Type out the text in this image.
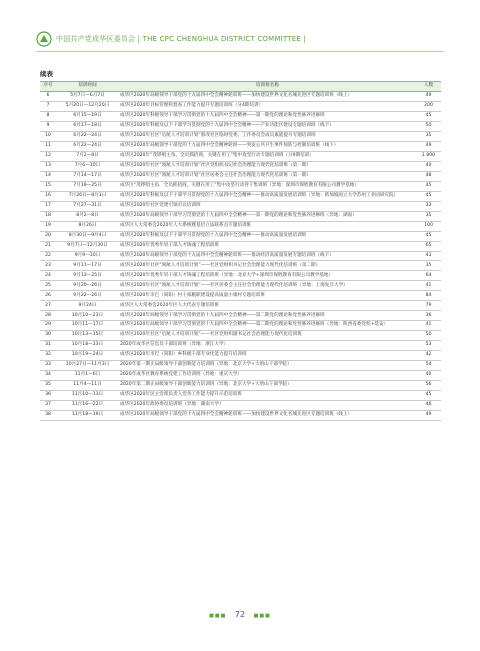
中国共产党成华区委员会 | THE CPC CHENGHUA DISTRICT COMMITTEE |
续表
序号	培训时间	培训班名称	人数
6	5月7日—6月7日	成华区2020年局级领导干部党的十九届四中全会精神轮训班——加快建设世界文化名城先进区专题培训班（线上）	49
7	5月20日—12月20日	成华区2020年目标管理和督查工作能力提升专题培训班（分4期培训）	200
8	6月15—19日	成华区2020年科级领导干部学习贯彻党的十九届四中全会精神——第一期党的理论和党性修养进修班	45
9	6月17—18日	成华区2020年科级及以下干部学习贯彻党的十九届四中全会精神——产业功能区建设专题培训班（线下）	50
10	6月22—24日	成华区2020年社区“启航人才培训计划”蓉改社区临时党委、工作委员会成员素能提升专题培训班	35
11	6月22—24日	成华区2020年局级领导干部党的十九届四中全会精神轮训——突发公共卫生事件预防与控制培训班（线下）	49
12	7月2—8日	成华区2020年“茂铧唱主角、全员抓招商，关键在用工”集中攻坚行动专题培训班（分9期培训）	1 800
13	7月6—10日	成华区2020年社区“领航人才培训计划”社区党组织书记社会治理能力现代化培训班（第一期）	40
14	7月14—17日	成华区2020年社区“领航人才培训计划”社区居委会主任社会治理能力现代化培训班（第一期）	48
15	7月19—25日	成华区“茂铧唱主角，全员抓招商，关键在用工”集中攻坚行动骨干集训班（异地：深圳市保胜教育有限公司教学基地）	45
16	7月26日—8月1日	成华区2020年科级及以下干部学习贯彻党的十九届四中全会精神——推动高质量发展培训班（异地：新加坡国立大学苏州工业园研究院）	45
17	7月27—31日	成华区2020年社区党建引领市议培训班	33
18	8月2—8日	成华区2020年局级领导干部学习贯彻党的十九届四中全会精神——第一期党的理论和党性修养进修班（异地：湖南）	35
19	8月26日	成华区人大常委会2020年人大系统暨基层立法联系点专题培训班	100
20	8月30日—9月4日	成华区2020年科级及以下干部学习贯彻党的十九届四中全会精神——推动高质量发展培训班	45
21	9月7日—12月30日	成华区2020年优秀年轻干部人才铸魂工程培训班	65
22	9月9—10日	成华区2020年局级领导干部党的十九届四中全会精神轮训班——推动经济高质量发展专题培训班（线下）	43
23	9月11—17日	成华区2020年社区“领航人才培训计划”——社区党组织书记社会治理能力现代化培训班（第二期）	35
24	9月13—25日	成华区2020年优秀年轻干部人才铸魂工程培训班（异地：北京大学+深圳市保胜教育有限公司教学基地）	64
25	9月20—26日	成华区2020年社区“领航人才培训计划”——社区居委会主任社会治理能力现代化培训班（异地：上海复旦大学）	41
26	9月22—26日	成华区2020年市巴（简阳）村干部履职建设提高质量小康村专题培训班	84
27	9月24日	成华区人大常委会2020年区人大代表专题培训班	79
28	10月10—23日	成华区2020年局级领导干部学习贯彻党的十九届四中全会精神——第二期党的理论和党性修养进修班	36
29	10月11—17日	成华区2020年局级领导干部学习贯彻党的十九届四中全会精神——第二期党的理论和党性修养进修班（异地：陕西省委党校+延安）	41
30	10月13—15日	成华区2020年社区“启航人才培训计划”——社区党组织副书记社会治理能力现代化培训班	50
31	10月18—23日	2020年成华区信息员干部培训班（异地：浙江大学）	53
32	10月19—24日	成华区2020年市巴（简阳）乡科级干部专业化能力提升培训班	42
33	10月27日—11月3日	2020年第一期正局级领导干部创新能力培训班（异地：北京大学+大别山干部学院）	54
34	11月1—6日	2020年成华区教育系统党建工作培训班（异地：重庆大学）	40
35	11月4—11日	2020年第二期正局级领导干部创新能力培训班（异地：北京大学+大别山干部学院）	56
36	11月10—13日	成华区2020年民主党派负责人党务工作能力提升示范培训班	45
37	11月16—22日	成华区2020年政协委员培训班（异地：湖南大学）	46
38	11月18—19日	成华区2020年局级领导干部党的十九届四中全会精神轮训班——加快建设世界文化名城先进区专题培训班（线上）	49
■■■ 72 ■■■
